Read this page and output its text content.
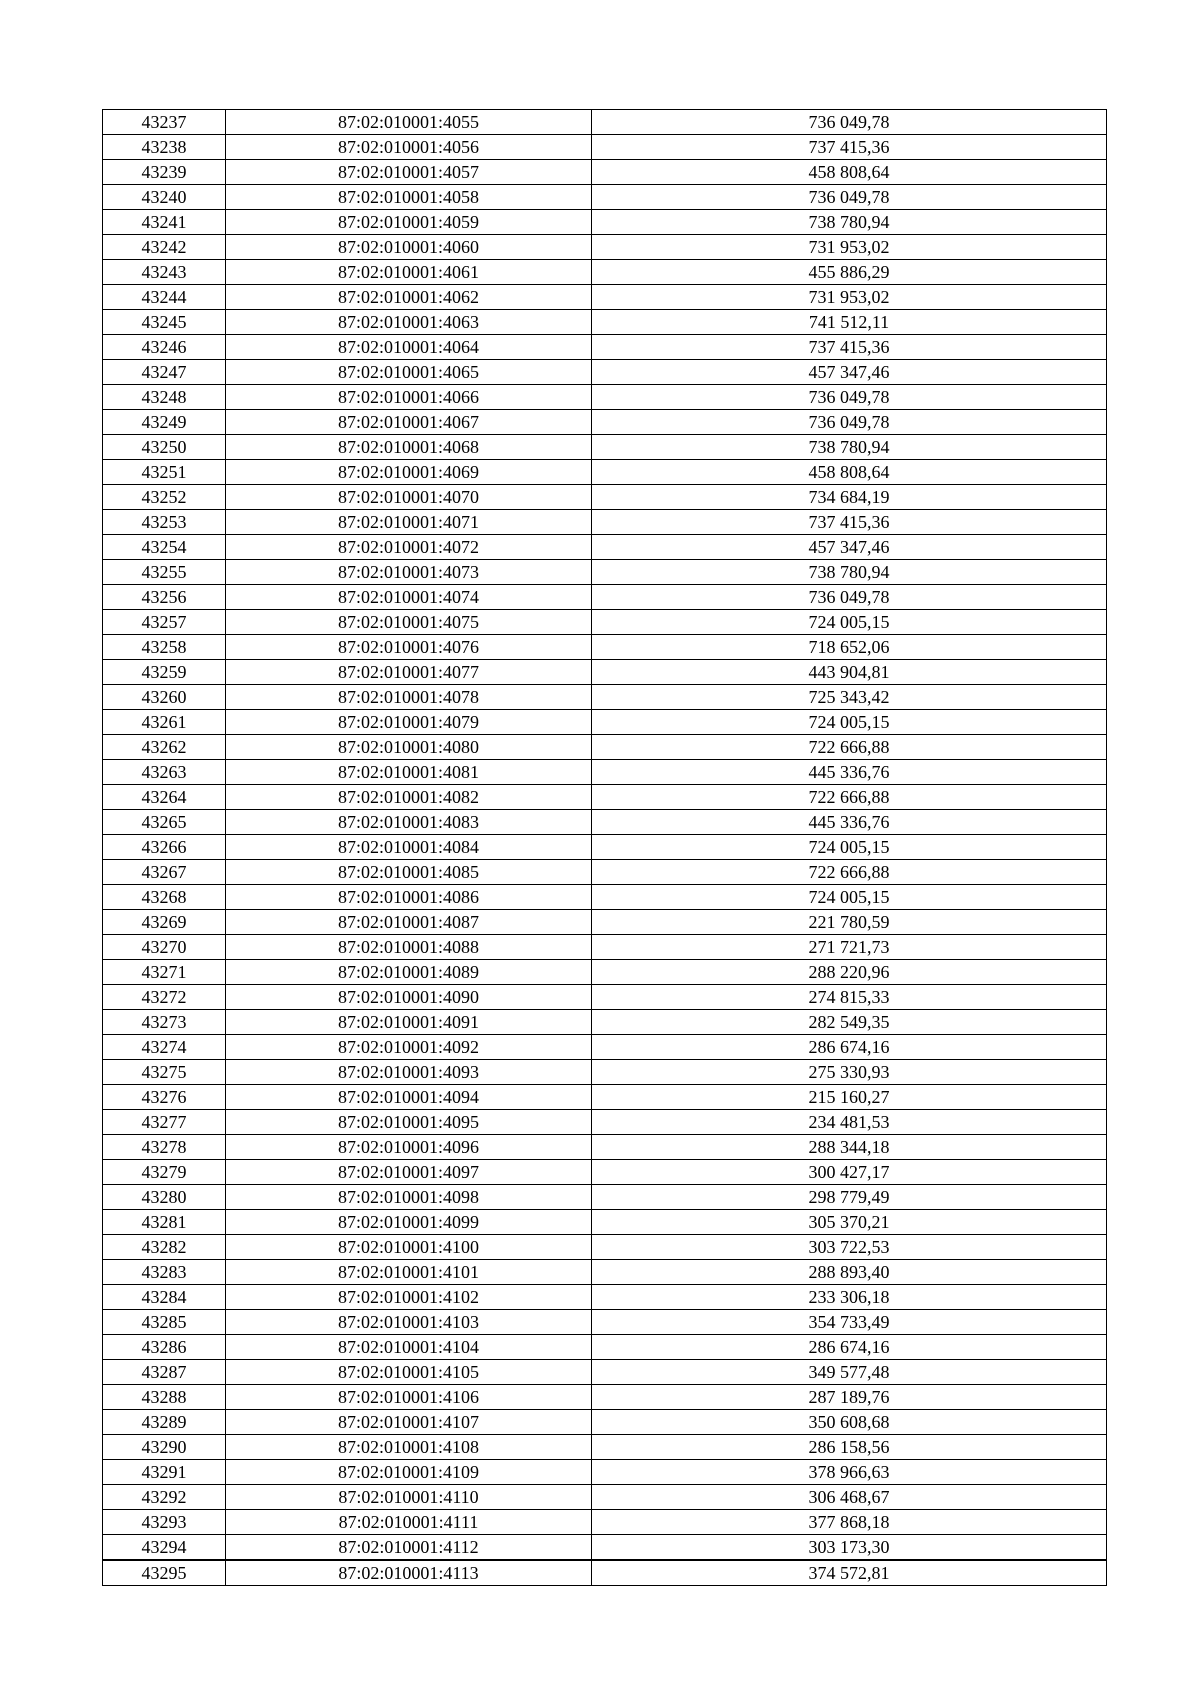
43237	87:02:010001:4055	736 049,78
43238	87:02:010001:4056	737 415,36
43239	87:02:010001:4057	458 808,64
43240	87:02:010001:4058	736 049,78
43241	87:02:010001:4059	738 780,94
43242	87:02:010001:4060	731 953,02
43243	87:02:010001:4061	455 886,29
43244	87:02:010001:4062	731 953,02
43245	87:02:010001:4063	741 512,11
43246	87:02:010001:4064	737 415,36
43247	87:02:010001:4065	457 347,46
43248	87:02:010001:4066	736 049,78
43249	87:02:010001:4067	736 049,78
43250	87:02:010001:4068	738 780,94
43251	87:02:010001:4069	458 808,64
43252	87:02:010001:4070	734 684,19
43253	87:02:010001:4071	737 415,36
43254	87:02:010001:4072	457 347,46
43255	87:02:010001:4073	738 780,94
43256	87:02:010001:4074	736 049,78
43257	87:02:010001:4075	724 005,15
43258	87:02:010001:4076	718 652,06
43259	87:02:010001:4077	443 904,81
43260	87:02:010001:4078	725 343,42
43261	87:02:010001:4079	724 005,15
43262	87:02:010001:4080	722 666,88
43263	87:02:010001:4081	445 336,76
43264	87:02:010001:4082	722 666,88
43265	87:02:010001:4083	445 336,76
43266	87:02:010001:4084	724 005,15
43267	87:02:010001:4085	722 666,88
43268	87:02:010001:4086	724 005,15
43269	87:02:010001:4087	221 780,59
43270	87:02:010001:4088	271 721,73
43271	87:02:010001:4089	288 220,96
43272	87:02:010001:4090	274 815,33
43273	87:02:010001:4091	282 549,35
43274	87:02:010001:4092	286 674,16
43275	87:02:010001:4093	275 330,93
43276	87:02:010001:4094	215 160,27
43277	87:02:010001:4095	234 481,53
43278	87:02:010001:4096	288 344,18
43279	87:02:010001:4097	300 427,17
43280	87:02:010001:4098	298 779,49
43281	87:02:010001:4099	305 370,21
43282	87:02:010001:4100	303 722,53
43283	87:02:010001:4101	288 893,40
43284	87:02:010001:4102	233 306,18
43285	87:02:010001:4103	354 733,49
43286	87:02:010001:4104	286 674,16
43287	87:02:010001:4105	349 577,48
43288	87:02:010001:4106	287 189,76
43289	87:02:010001:4107	350 608,68
43290	87:02:010001:4108	286 158,56
43291	87:02:010001:4109	378 966,63
43292	87:02:010001:4110	306 468,67
43293	87:02:010001:4111	377 868,18
43294	87:02:010001:4112	303 173,30
43295	87:02:010001:4113	374 572,81
